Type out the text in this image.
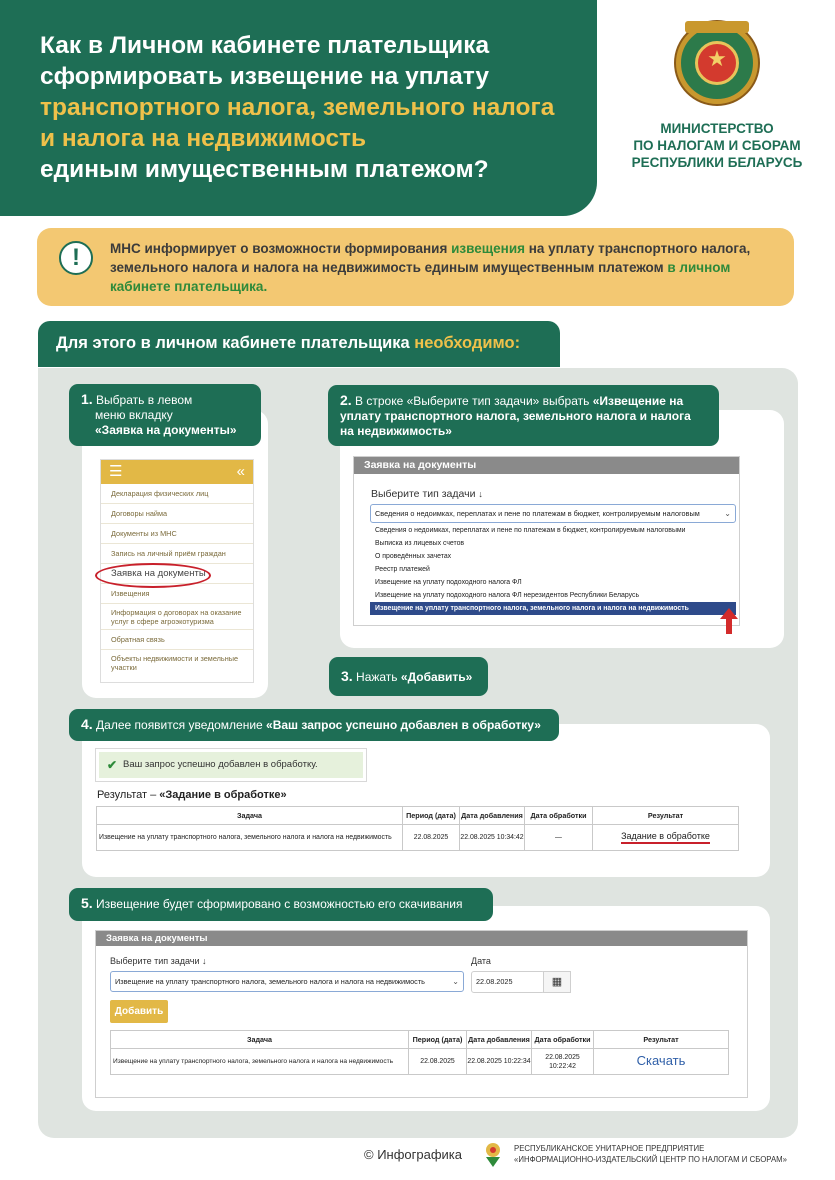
Как в Личном кабинете плательщика
сформировать извещение на уплату
транспортного налога, земельного налога
и налога на недвижимость
единым имущественным платежом?
★
МИНИСТЕРСТВО
ПО НАЛОГАМ И СБОРАМ
РЕСПУБЛИКИ БЕЛАРУСЬ
!	МНС информирует о возможности формирования извещения на уплату транспортного налога, земельного налога и налога на недвижимость единым имущественным платежом в личном кабинете плательщика.
Для этого в личном кабинете плательщика необходимо:
1. Выбрать в левом
меню вкладку
«Заявка на документы»
☰	«
Декларация физических лиц
Договоры найма
Документы из МНС
Запись на личный приём граждан
Заявка на документы
Извещения
Информация о договорах на оказание услуг в сфере агроэкотуризма
Обратная связь
Объекты недвижимости и земельные участки
2. В строке «Выберите тип задачи» выбрать «Извещение на уплату транспортного налога, земельного налога и налога на недвижимость»
Заявка на документы
Выберите тип задачи ↓
Сведения о недоимках, переплатах и пене по платежам в бюджет, контролируемым налоговым	⌄
Сведения о недоимках, переплатах и пене по платежам в бюджет, контролируемым налоговыми
Выписка из лицевых счетов
О проведённых зачетах
Реестр платежей
Извещение на уплату подоходного налога ФЛ
Извещение на уплату подоходного налога ФЛ нерезидентов Республики Беларусь
Извещение на уплату транспортного налога, земельного налога и налога на недвижимость
3. Нажать «Добавить»
4. Далее появится уведомление «Ваш запрос успешно добавлен в обработку»
✔ Ваш запрос успешно добавлен в обработку.
Результат – «Задание в обработке»
Задача	Период (дата)	Дата добавления	Дата обработки	Результат
Извещение на уплату транспортного налога, земельного налога и налога на недвижимость	22.08.2025	22.08.2025 10:34:42	—	Задание в обработке
5. Извещение будет сформировано с возможностью его скачивания
Заявка на документы
Выберите тип задачи ↓
Извещение на уплату транспортного налога, земельного налога и налога на недвижимость	⌄
Дата
22.08.2025	▦
Добавить
Задача	Период (дата)	Дата добавления	Дата обработки	Результат
Извещение на уплату транспортного налога, земельного налога и налога на недвижимость	22.08.2025	22.08.2025 10:22:34	22.08.2025 10:22:42	Скачать
© Инфографика	РЕСПУБЛИКАНСКОЕ УНИТАРНОЕ ПРЕДПРИЯТИЕ
«ИНФОРМАЦИОННО-ИЗДАТЕЛЬСКИЙ ЦЕНТР ПО НАЛОГАМ И СБОРАМ»
